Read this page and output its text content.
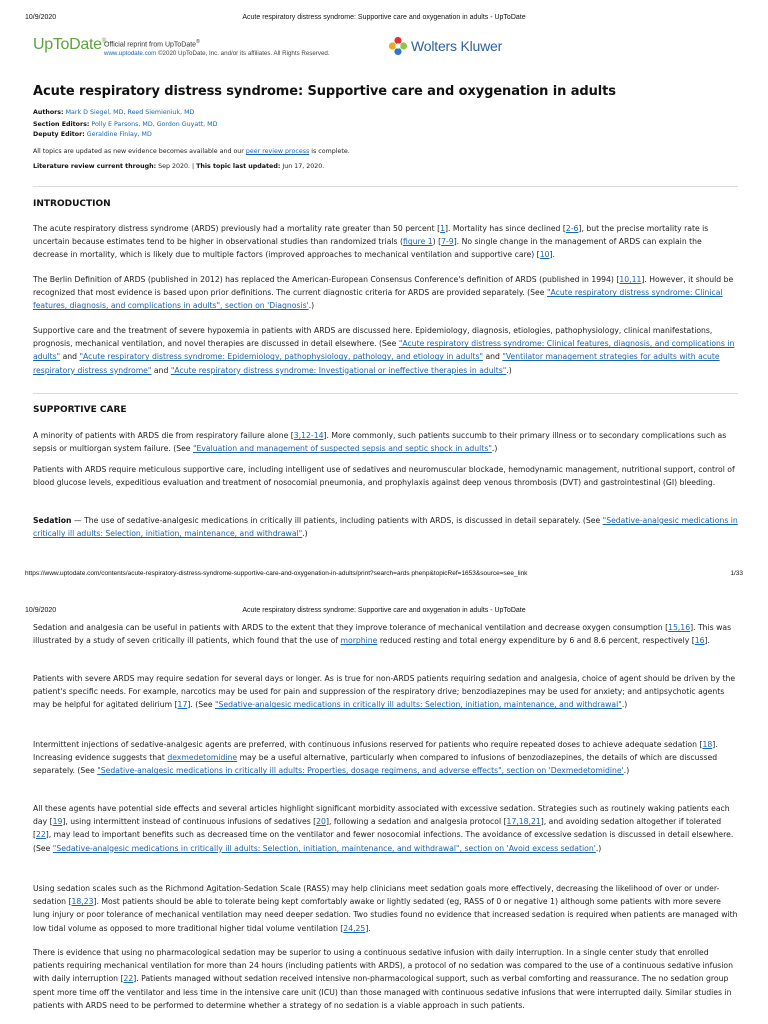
10/9/2020	Acute respiratory distress syndrome: Supportive care and oxygenation in adults - UpToDate
UpToDate®
Official reprint from UpToDate®
www.uptodate.com ©2020 UpToDate, Inc. and/or its affiliates. All Rights Reserved.	Wolters Kluwer
Acute respiratory distress syndrome: Supportive care and oxygenation in adults
Authors: Mark D Siegel, MD, Reed Siemieniuk, MD
Section Editors: Polly E Parsons, MD, Gordon Guyatt, MD
Deputy Editor: Geraldine Finlay, MD
All topics are updated as new evidence becomes available and our peer review process is complete.
Literature review current through: Sep 2020. | This topic last updated: Jun 17, 2020.
INTRODUCTION

The acute respiratory distress syndrome (ARDS) previously had a mortality rate greater than 50 percent [1]. Mortality has since declined [2-6], but the precise mortality rate is uncertain because estimates tend to be higher in observational studies than randomized trials (figure 1) [7-9]. No single change in the management of ARDS can explain the decrease in mortality, which is likely due to multiple factors (improved approaches to mechanical ventilation and supportive care) [10].

The Berlin Definition of ARDS (published in 2012) has replaced the American-European Consensus Conference's definition of ARDS (published in 1994) [10,11]. However, it should be recognized that most evidence is based upon prior definitions. The current diagnostic criteria for ARDS are provided separately. (See "Acute respiratory distress syndrome: Clinical features, diagnosis, and complications in adults", section on 'Diagnosis'.)

Supportive care and the treatment of severe hypoxemia in patients with ARDS are discussed here. Epidemiology, diagnosis, etiologies, pathophysiology, clinical manifestations, prognosis, mechanical ventilation, and novel therapies are discussed in detail elsewhere. (See "Acute respiratory distress syndrome: Clinical features, diagnosis, and complications in adults" and "Acute respiratory distress syndrome: Epidemiology, pathophysiology, pathology, and etiology in adults" and "Ventilator management strategies for adults with acute respiratory distress syndrome" and "Acute respiratory distress syndrome: Investigational or ineffective therapies in adults".)

SUPPORTIVE CARE

A minority of patients with ARDS die from respiratory failure alone [3,12-14]. More commonly, such patients succumb to their primary illness or to secondary complications such as sepsis or multiorgan system failure. (See "Evaluation and management of suspected sepsis and septic shock in adults".)

Patients with ARDS require meticulous supportive care, including intelligent use of sedatives and neuromuscular blockade, hemodynamic management, nutritional support, control of blood glucose levels, expeditious evaluation and treatment of nosocomial pneumonia, and prophylaxis against deep venous thrombosis (DVT) and gastrointestinal (GI) bleeding.

Sedation — The use of sedative-analgesic medications in critically ill patients, including patients with ARDS, is discussed in detail separately. (See "Sedative-analgesic medications in critically ill adults: Selection, initiation, maintenance, and withdrawal".)

https://www.uptodate.com/contents/acute-respiratory-distress-syndrome-supportive-care-and-oxygenation-in-adults/print?search=ards phenp&topicRef=1653&source=see_link	1/33
10/9/2020	Acute respiratory distress syndrome: Supportive care and oxygenation in adults - UpToDate

Sedation and analgesia can be useful in patients with ARDS to the extent that they improve tolerance of mechanical ventilation and decrease oxygen consumption [15,16]. This was illustrated by a study of seven critically ill patients, which found that the use of morphine reduced resting and total energy expenditure by 6 and 8.6 percent, respectively [16].

Patients with severe ARDS may require sedation for several days or longer. As is true for non-ARDS patients requiring sedation and analgesia, choice of agent should be driven by the patient's specific needs. For example, narcotics may be used for pain and suppression of the respiratory drive; benzodiazepines may be used for anxiety; and antipsychotic agents may be helpful for agitated delirium [17]. (See "Sedative-analgesic medications in critically ill adults: Selection, initiation, maintenance, and withdrawal".)

Intermittent injections of sedative-analgesic agents are preferred, with continuous infusions reserved for patients who require repeated doses to achieve adequate sedation [18]. Increasing evidence suggests that dexmedetomidine may be a useful alternative, particularly when compared to infusions of benzodiazepines, the details of which are discussed separately. (See "Sedative-analgesic medications in critically ill adults: Properties, dosage regimens, and adverse effects", section on 'Dexmedetomidine'.)

All these agents have potential side effects and several articles highlight significant morbidity associated with excessive sedation. Strategies such as routinely waking patients each day [19], using intermittent instead of continuous infusions of sedatives [20], following a sedation and analgesia protocol [17,18,21], and avoiding sedation altogether if tolerated [22], may lead to important benefits such as decreased time on the ventilator and fewer nosocomial infections. The avoidance of excessive sedation is discussed in detail elsewhere. (See "Sedative-analgesic medications in critically ill adults: Selection, initiation, maintenance, and withdrawal", section on 'Avoid excess sedation'.)

Using sedation scales such as the Richmond Agitation-Sedation Scale (RASS) may help clinicians meet sedation goals more effectively, decreasing the likelihood of over or under-sedation [18,23]. Most patients should be able to tolerate being kept comfortably awake or lightly sedated (eg, RASS of 0 or negative 1) although some patients with more severe lung injury or poor tolerance of mechanical ventilation may need deeper sedation. Two studies found no evidence that increased sedation is required when patients are managed with low tidal volume as opposed to more traditional higher tidal volume ventilation [24,25].

There is evidence that using no pharmacological sedation may be superior to using a continuous sedative infusion with daily interruption. In a single center study that enrolled patients requiring mechanical ventilation for more than 24 hours (including patients with ARDS), a protocol of no sedation was compared to the use of a continuous sedative infusion with daily interruption [22]. Patients managed without sedation received intensive non-pharmacological support, such as verbal comforting and reassurance. The no sedation group spent more time off the ventilator and less time in the intensive care unit (ICU) than those managed with continuous sedative infusions that were interrupted daily. Similar studies in patients with ARDS need to be performed to determine whether a strategy of no sedation is a viable approach in such patients.
